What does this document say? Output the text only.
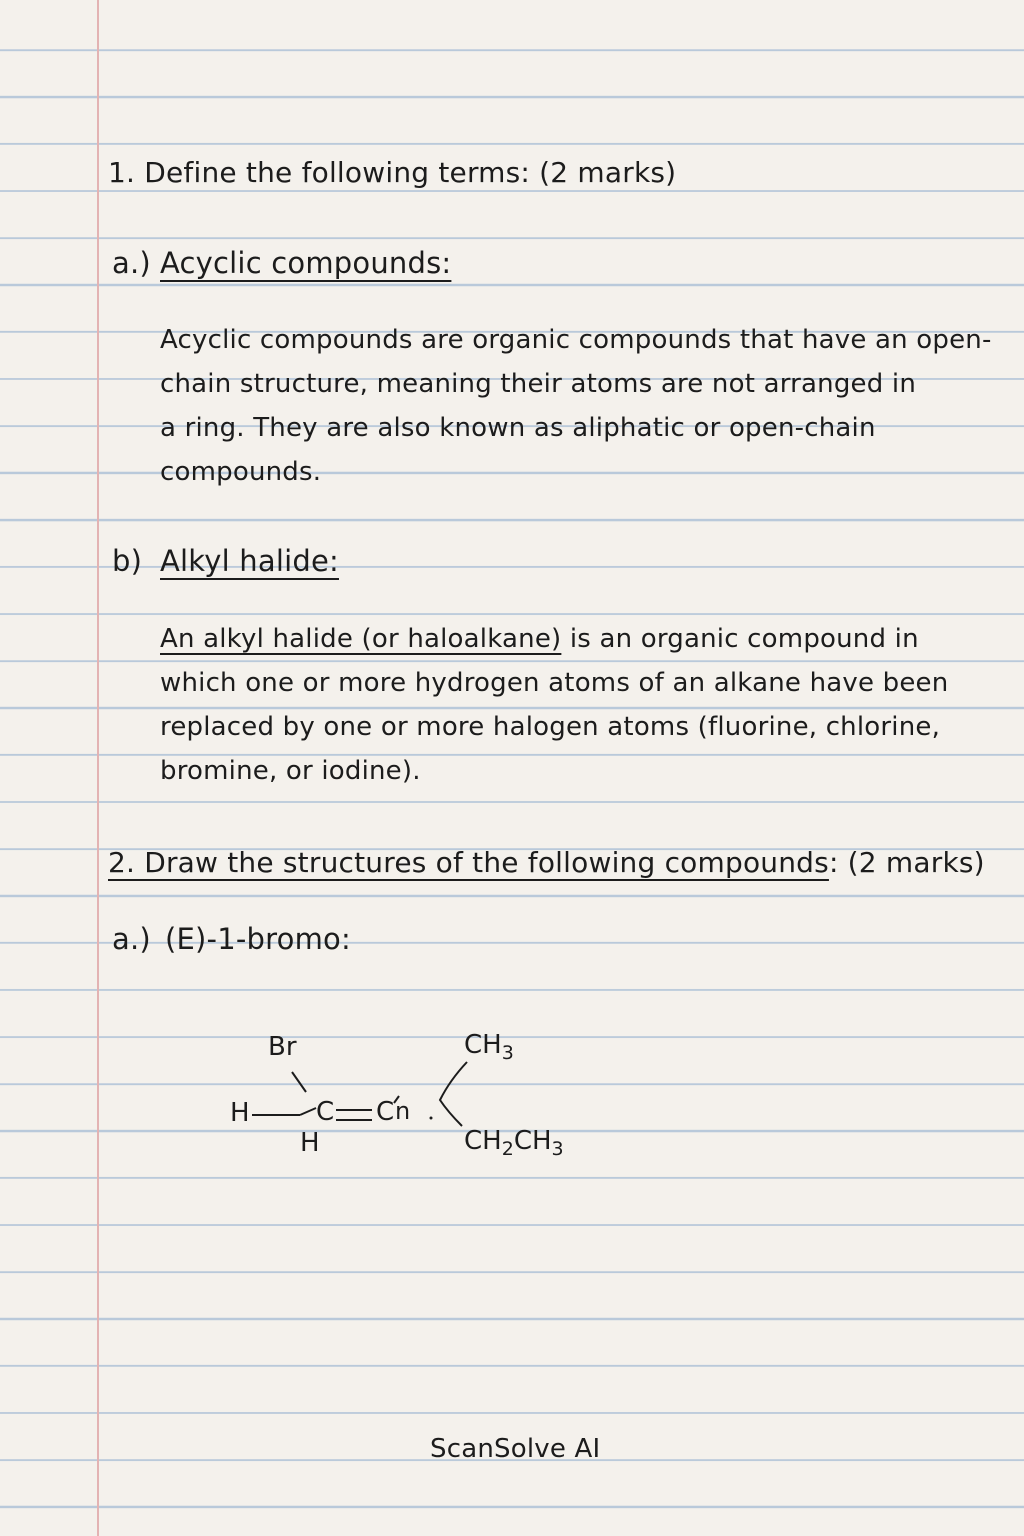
1. Define the following terms: (2 marks)
a.) Acyclic compounds:
Acyclic compounds are organic compounds that have an open-
chain structure, meaning their atoms are not arranged in
a ring. They are also known as aliphatic or open-chain
compounds.
b) Alkyl halide:
An alkyl halide (or haloalkane) is an organic compound in
which one or more hydrogen atoms of an alkane have been
replaced by one or more halogen atoms (fluorine, chlorine,
bromine, or iodine).
2. Draw the structures of the following compounds: (2 marks)
a.) (E)-1-bromo:
Br
H	C C n
H
$CH_3$
$CH_2CH_3$
ScanSolve AI
